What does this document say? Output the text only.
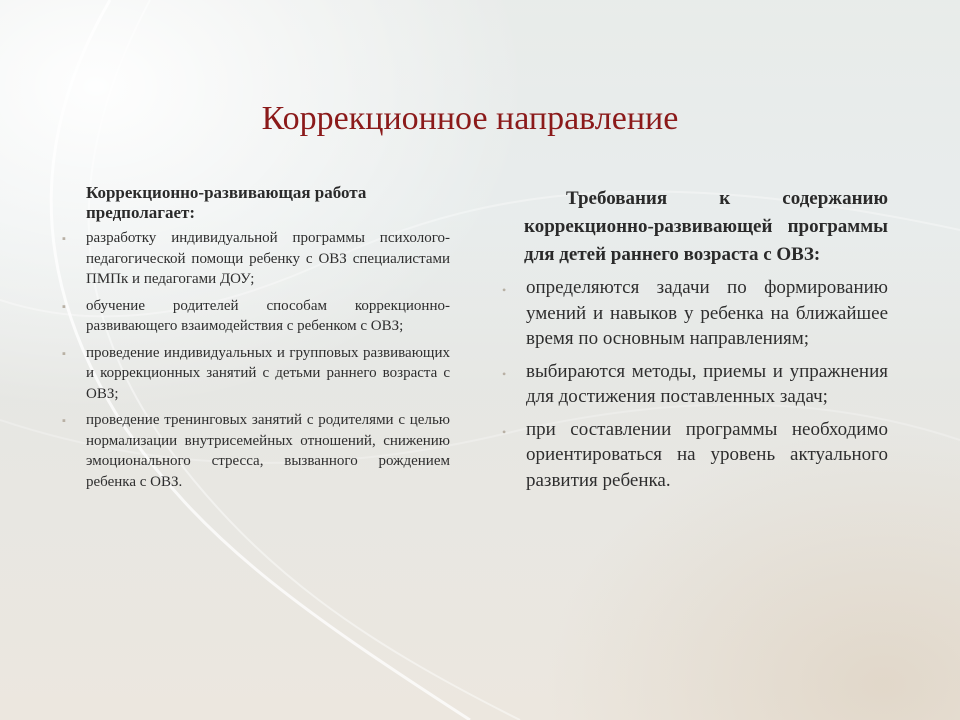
Коррекционное направление

Коррекционно-развивающая работа предполагает:

▪ разработку индивидуальной программы психолого-педагогической помощи ребенку с ОВЗ специалистами ПМПк и педагогами ДОУ;
▪ обучение родителей способам коррекционно-развивающего взаимодействия с ребенком с ОВЗ;
▪ проведение индивидуальных и групповых развивающих и коррекционных занятий с детьми раннего возраста с ОВЗ;
▪ проведение тренинговых занятий с родителями с целью нормализации внутрисемейных отношений, снижению эмоционального стресса, вызванного рождением ребенка с ОВЗ.

Требования к содержанию коррекционно-развивающей программы для детей раннего возраста с ОВЗ:

• определяются задачи по формированию умений и навыков у ребенка на ближайшее время по основным направлениям;
• выбираются методы, приемы и упражнения для достижения поставленных задач;
• при составлении программы необходимо ориентироваться на уровень актуального развития ребенка.
